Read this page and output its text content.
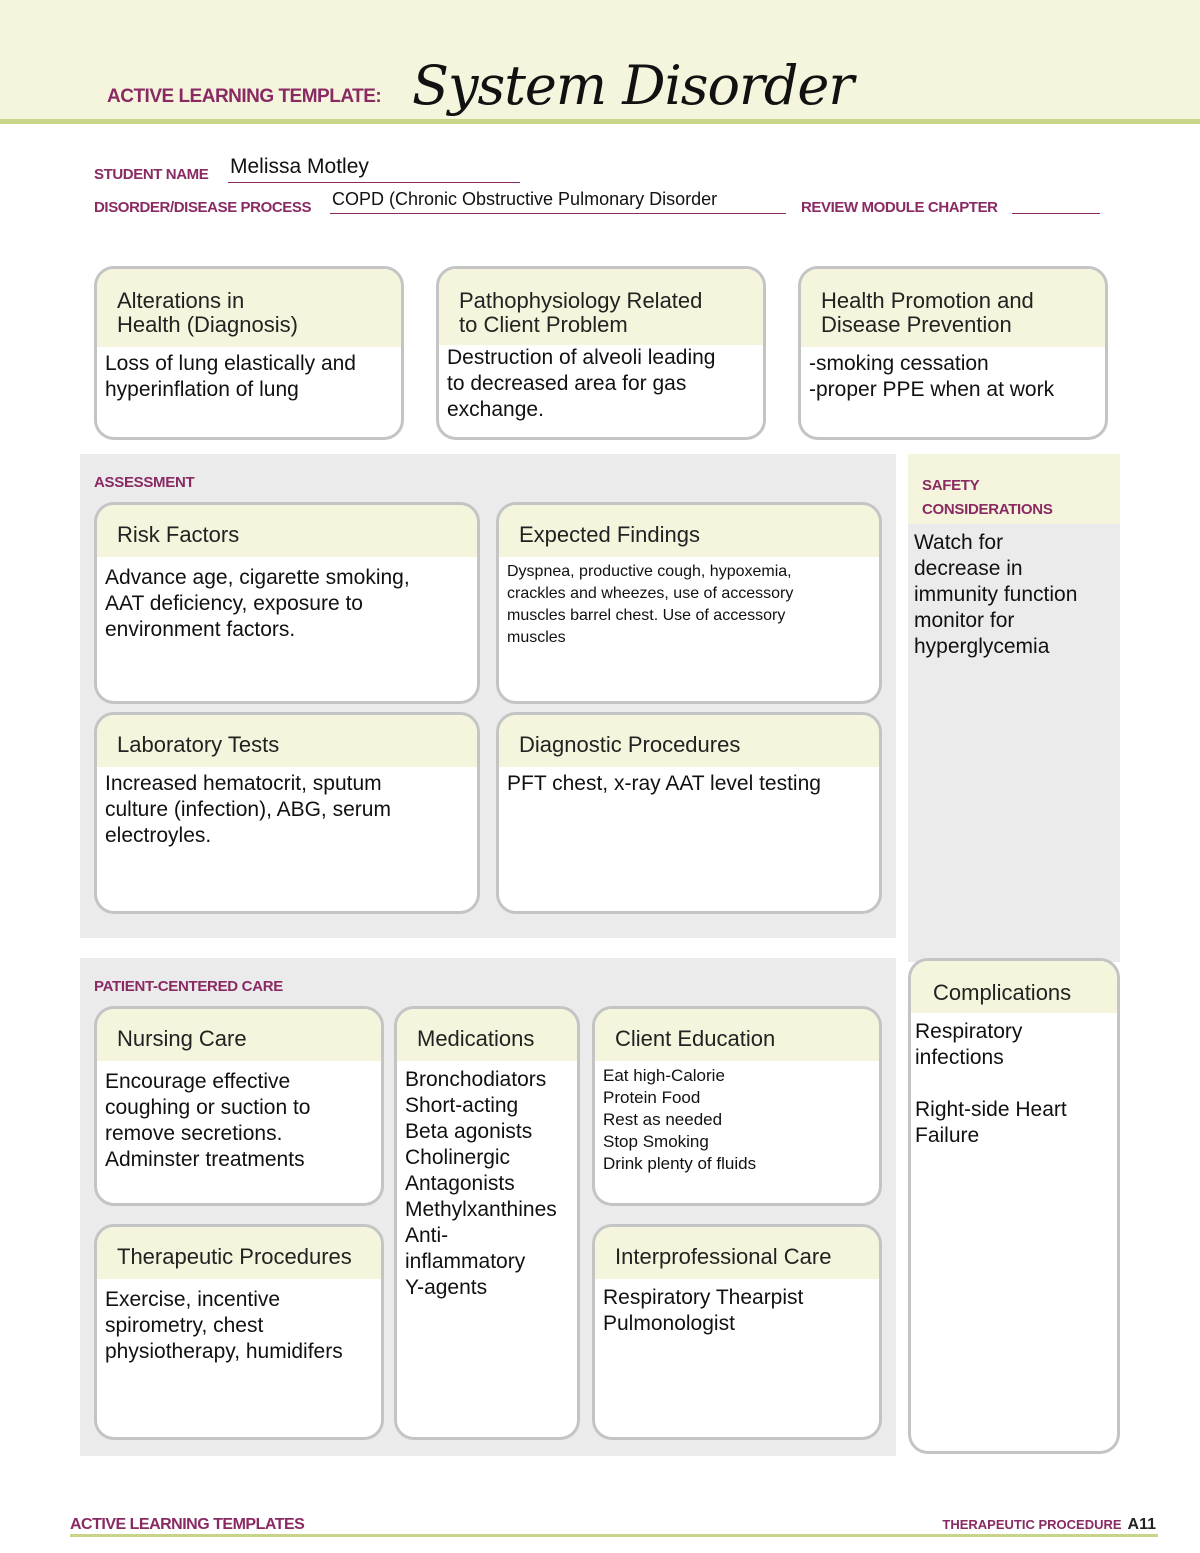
ACTIVE LEARNING TEMPLATE: System Disorder
STUDENT NAME Melissa Motley
DISORDER/DISEASE PROCESS COPD (Chronic Obstructive Pulmonary Disorder	REVIEW MODULE CHAPTER
Alterations in
Health (Diagnosis)
Loss of lung elastically and
hyperinflation of lung
Pathophysiology Related
to Client Problem
Destruction of alveoli leading
to decreased area for gas
exchange.
Health Promotion and
Disease Prevention
-smoking cessation
-proper PPE when at work
ASSESSMENT
Risk Factors
Advance age, cigarette smoking,
AAT deficiency, exposure to
environment factors.
Expected Findings
Dyspnea, productive cough, hypoxemia,
crackles and wheezes, use of accessory
muscles barrel chest. Use of accessory
muscles
Laboratory Tests
Increased hematocrit, sputum
culture (infection), ABG, serum
electroyles.
Diagnostic Procedures
PFT chest, x-ray AAT level testing
SAFETY
CONSIDERATIONS
Watch for
decrease in
immunity function
monitor for
hyperglycemia
PATIENT-CENTERED CARE
Nursing Care
Encourage effective
coughing or suction to
remove secretions.
Adminster treatments
Medications
Bronchodiators
Short-acting
Beta agonists
Cholinergic
Antagonists
Methylxanthines
Anti-
inflammatory
Y-agents
Client Education
Eat high-Calorie
Protein Food
Rest as needed
Stop Smoking
Drink plenty of fluids
Therapeutic Procedures
Exercise, incentive
spirometry, chest
physiotherapy, humidifers
Interprofessional Care
Respiratory Thearpist
Pulmonologist
Complications
Respiratory
infections

Right-side Heart
Failure
ACTIVE LEARNING TEMPLATES	THERAPEUTIC PROCEDURE A11
